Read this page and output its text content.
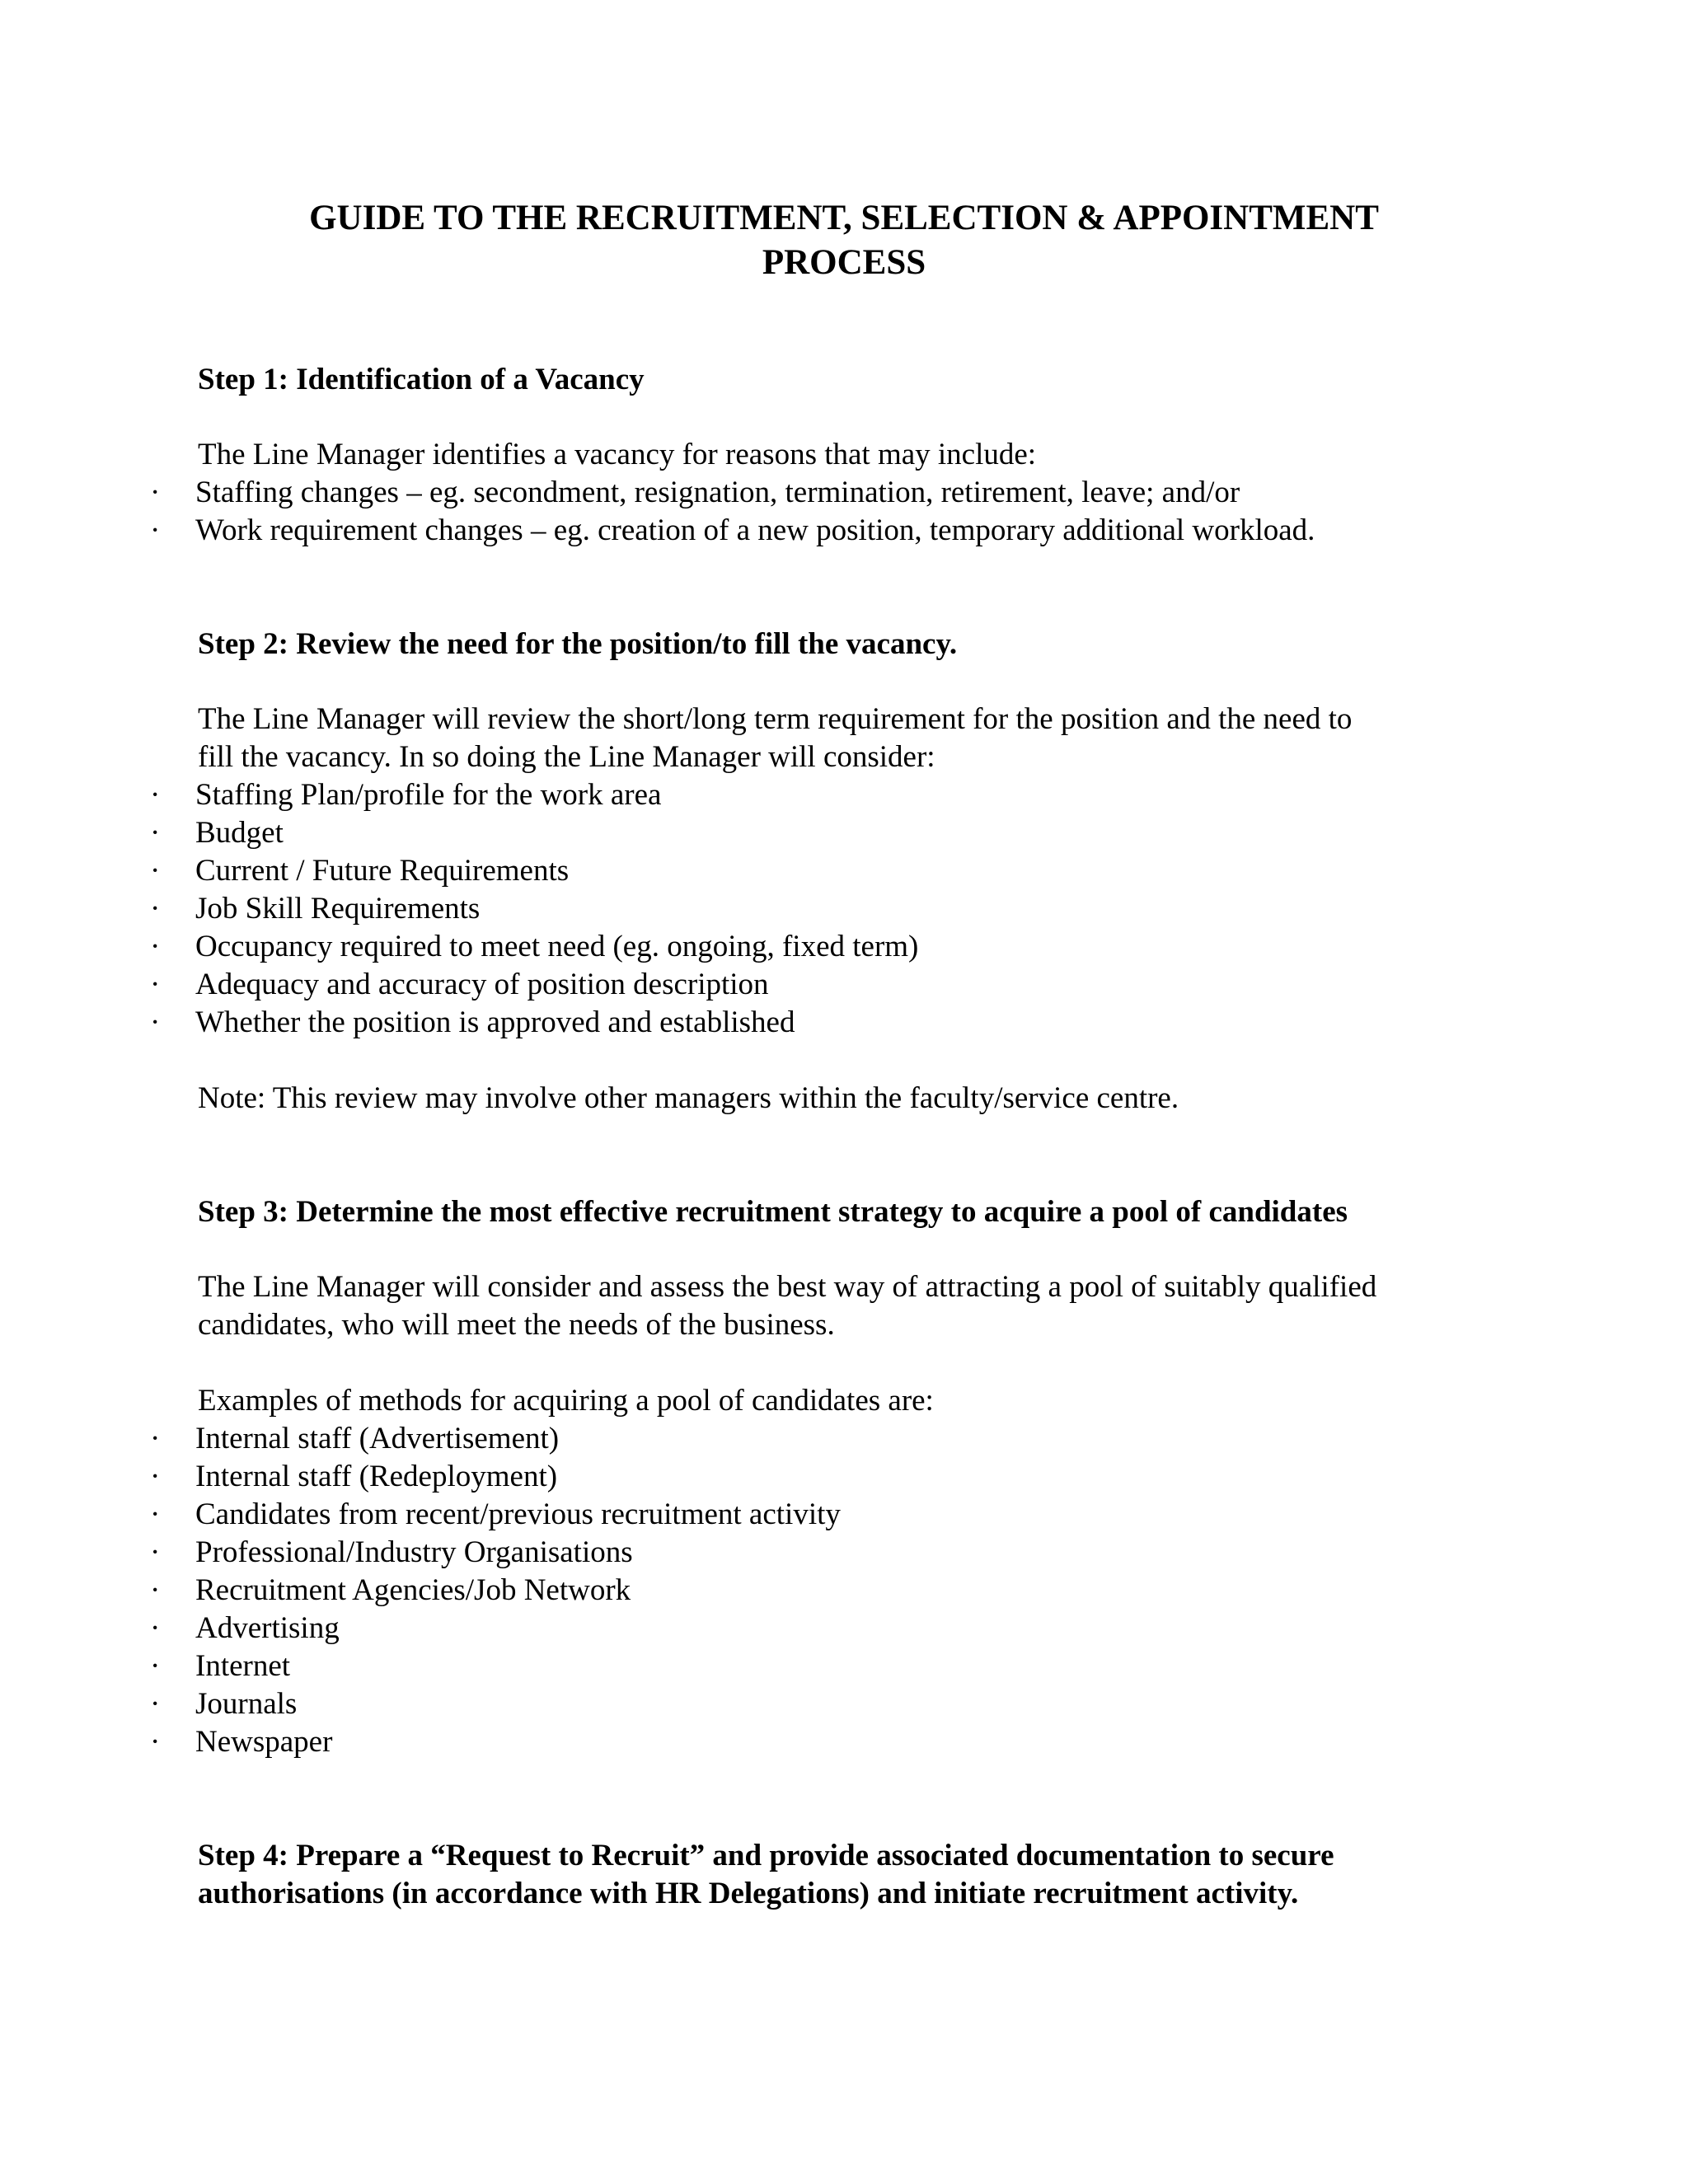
GUIDE TO THE RECRUITMENT, SELECTION & APPOINTMENT
PROCESS
Step 1: Identification of a Vacancy
The Line Manager identifies a vacancy for reasons that may include:
· Staffing changes – eg. secondment, resignation, termination, retirement, leave; and/or
· Work requirement changes – eg. creation of a new position, temporary additional workload.
Step 2: Review the need for the position/to fill the vacancy.
The Line Manager will review the short/long term requirement for the position and the need to
fill the vacancy. In so doing the Line Manager will consider:
· Staffing Plan/profile for the work area
· Budget
· Current / Future Requirements
· Job Skill Requirements
· Occupancy required to meet need (eg. ongoing, fixed term)
· Adequacy and accuracy of position description
· Whether the position is approved and established
Note: This review may involve other managers within the faculty/service centre.
Step 3: Determine the most effective recruitment strategy to acquire a pool of candidates
The Line Manager will consider and assess the best way of attracting a pool of suitably qualified
candidates, who will meet the needs of the business.
Examples of methods for acquiring a pool of candidates are:
· Internal staff (Advertisement)
· Internal staff (Redeployment)
· Candidates from recent/previous recruitment activity
· Professional/Industry Organisations
· Recruitment Agencies/Job Network
· Advertising
· Internet
· Journals
· Newspaper
Step 4: Prepare a “Request to Recruit” and provide associated documentation to secure
authorisations (in accordance with HR Delegations) and initiate recruitment activity.
